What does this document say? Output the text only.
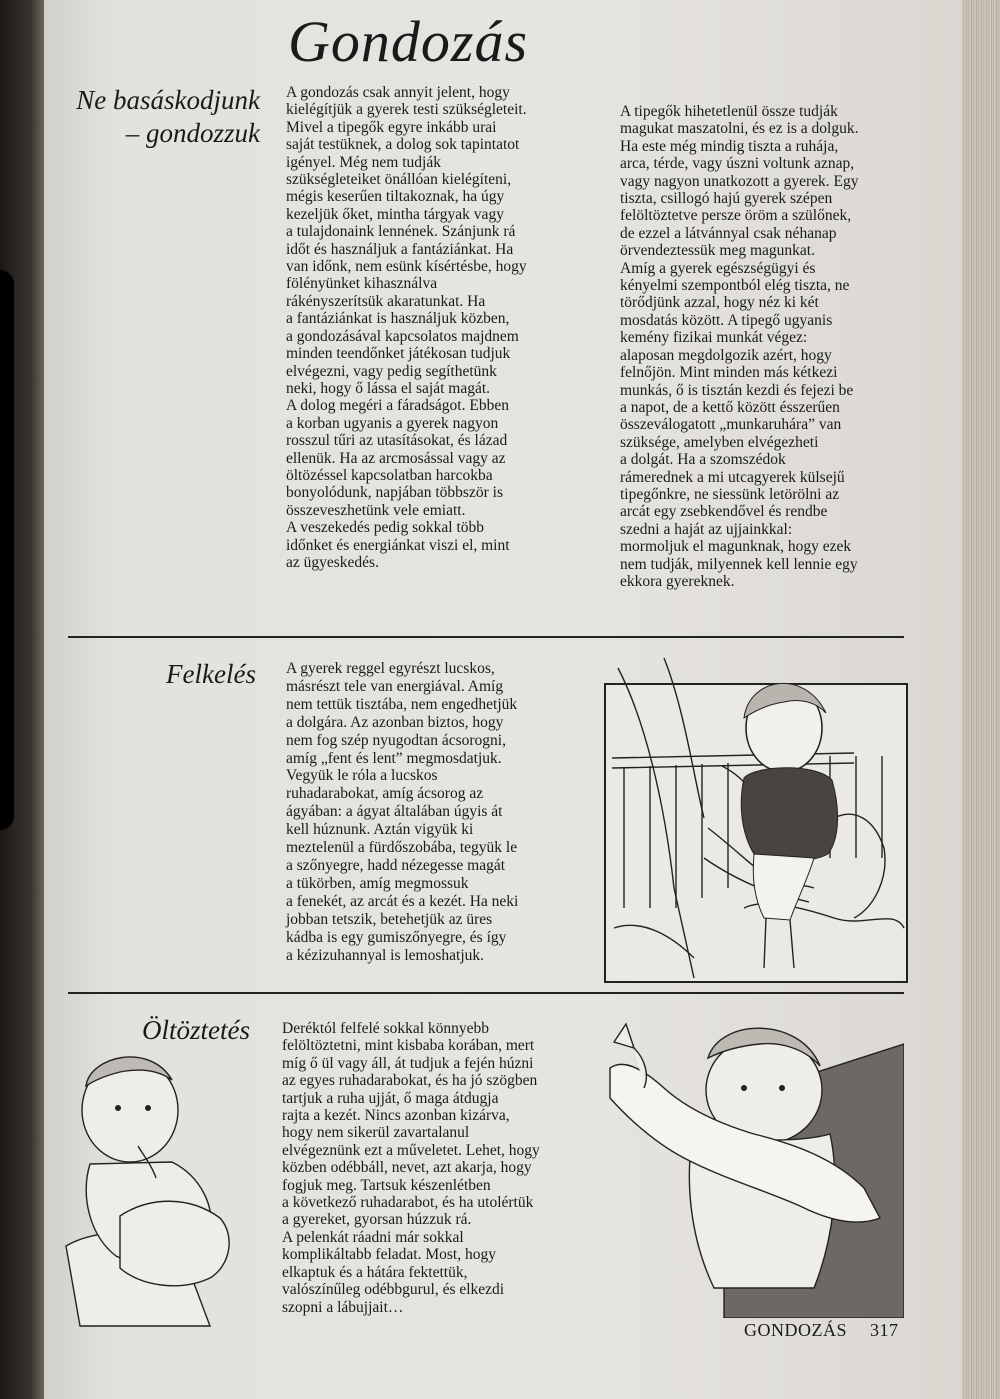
Gondozás
Ne basáskodjunk
– gondozzuk
A gondozás csak annyit jelent, hogy
kielégítjük a gyerek testi szükségleteit.
Mivel a tipegők egyre inkább urai
saját testüknek, a dolog sok tapintatot
igényel. Még nem tudják
szükségleteiket önállóan kielégíteni,
mégis keserűen tiltakoznak, ha úgy
kezeljük őket, mintha tárgyak vagy
a tulajdonaink lennének. Szánjunk rá
időt és használjuk a fantáziánkat. Ha
van időnk, nem esünk kísértésbe, hogy
fölényünket kihasználva
rákényszerítsük akaratunkat. Ha
a fantáziánkat is használjuk közben,
a gondozásával kapcsolatos majdnem
minden teendőnket játékosan tudjuk
elvégezni, vagy pedig segíthetünk
neki, hogy ő lássa el saját magát.
A dolog megéri a fáradságot. Ebben
a korban ugyanis a gyerek nagyon
rosszul tűri az utasításokat, és lázad
ellenük. Ha az arcmosással vagy az
öltözéssel kapcsolatban harcokba
bonyolódunk, napjában többször is
összeveszhetünk vele emiatt.
A veszekedés pedig sokkal több
időnket és energiánkat viszi el, mint
az ügyeskedés.
A tipegők hihetetlenül össze tudják
magukat maszatolni, és ez is a dolguk.
Ha este még mindig tiszta a ruhája,
arca, térde, vagy úszni voltunk aznap,
vagy nagyon unatkozott a gyerek. Egy
tiszta, csillogó hajú gyerek szépen
felöltöztetve persze öröm a szülőnek,
de ezzel a látvánnyal csak néhanap
örvendeztessük meg magunkat.
Amíg a gyerek egészségügyi és
kényelmi szempontból elég tiszta, ne
törődjünk azzal, hogy néz ki két
mosdatás között. A tipegő ugyanis
kemény fizikai munkát végez:
alaposan megdolgozik azért, hogy
felnőjön. Mint minden más kétkezi
munkás, ő is tisztán kezdi és fejezi be
a napot, de a kettő között ésszerűen
összeválogatott „munkaruhára” van
szüksége, amelyben elvégezheti
a dolgát. Ha a szomszédok
rámerednek a mi utcagyerek külsejű
tipegőnkre, ne siessünk letörölni az
arcát egy zsebkendővel és rendbe
szedni a haját az ujjainkkal:
mormoljuk el magunknak, hogy ezek
nem tudják, milyennek kell lennie egy
ekkora gyereknek.
Felkelés A gyerek reggel egyrészt lucskos,
másrészt tele van energiával. Amíg
nem tettük tisztába, nem engedhetjük
a dolgára. Az azonban biztos, hogy
nem fog szép nyugodtan ácsorogni,
amíg „fent és lent” megmosdatjuk.
Vegyük le róla a lucskos
ruhadarabokat, amíg ácsorog az
ágyában: a ágyat általában úgyis át
kell húznunk. Aztán vigyük ki
meztelenül a fürdőszobába, tegyük le
a szőnyegre, hadd nézegesse magát
a tükörben, amíg megmossuk
a fenekét, az arcát és a kezét. Ha neki
jobban tetszik, betehetjük az üres
kádba is egy gumiszőnyegre, és így
a kézizuhannyal is lemoshatjuk.
Öltöztetés Deréktól felfelé sokkal könnyebb
felöltöztetni, mint kisbaba korában, mert
míg ő ül vagy áll, át tudjuk a fején húzni
az egyes ruhadarabokat, és ha jó szögben
tartjuk a ruha ujját, ő maga átdugja
rajta a kezét. Nincs azonban kizárva,
hogy nem sikerül zavartalanul
elvégeznünk ezt a műveletet. Lehet, hogy
közben odébbáll, nevet, azt akarja, hogy
fogjuk meg. Tartsuk készenlétben
a következő ruhadarabot, és ha utolértük
a gyereket, gyorsan húzzuk rá.
A pelenkát ráadni már sokkal
komplikáltabb feladat. Most, hogy
elkaptuk és a hátára fektettük,
valószínűleg odébbgurul, és elkezdi
szopni a lábujjait…
GONDOZÁS 317
